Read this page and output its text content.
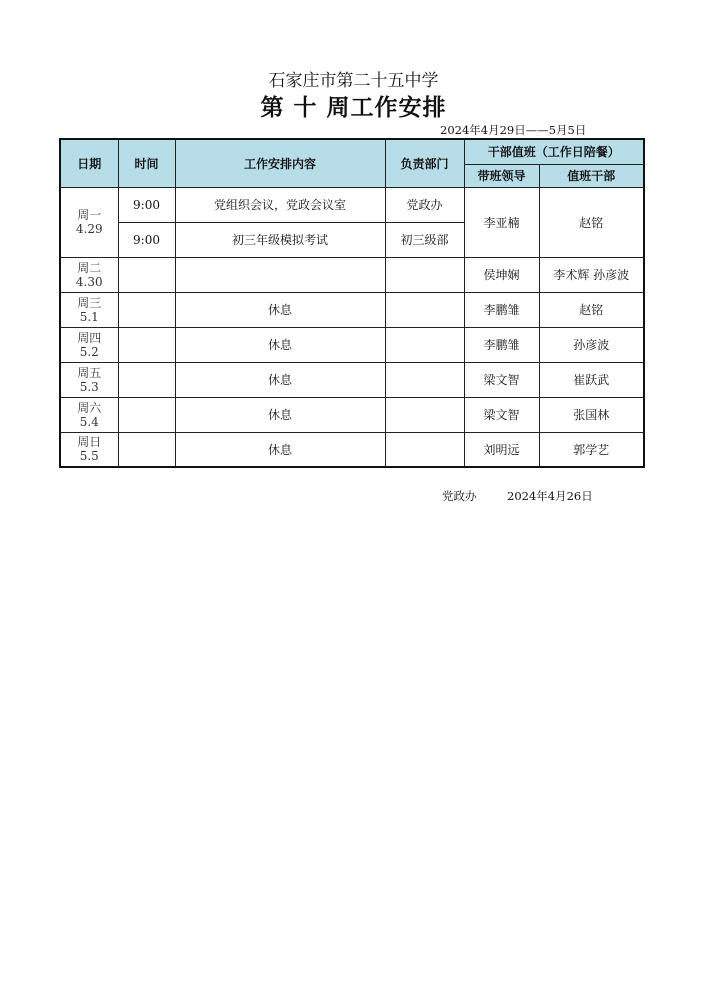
石家庄市第二十五中学
第 十 周工作安排
2024年4月29日——5月5日
日期	时间	工作安排内容	负责部门	干部值班（工作日陪餐）	
				带班领导	值班干部

周一
4.29	9:00	党组织会议，党政会议室	党政办	李亚楠	赵铭
	9:00	初三年级模拟考试	初三级部		

周二
4.30				侯坤娴	李术辉 孙彦波

周三
5.1		休息		李鹏雏	赵铭

周四
5.2		休息		李鹏雏	孙彦波

周五
5.3		休息		梁文智	崔跃武

周六
5.4		休息		梁文智	张国林

周日
5.5		休息		刘明远	郭学艺
党政办	2024年4月26日
